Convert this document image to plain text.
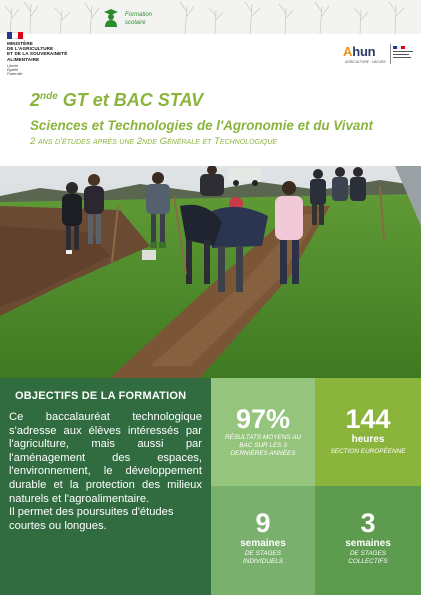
Formation scolaire
MINISTÈRE
DE L'AGRICULTURE
ET DE LA SOUVERAINETÉ
ALIMENTAIRE
Liberté
Égalité
Fraternité
Ahun
AGRICULTURE · NATURE
2nde GT et BAC STAV
Sciences et Technologies de l'Agronomie et du Vivant
2 ans d'études après une 2nde Générale et Technologique
OBJECTIFS DE LA FORMATION

Ce baccalauréat technologique s'adresse aux élèves intéressés par l'agriculture, mais aussi par l'aménagement des espaces, l'environnement, le développement durable et la protection des milieux naturels et l'agroalimentaire.

Il permet des poursuites d'études courtes ou longues.

97%
RÉSULTATS MOYENS AU BAC SUR LES 3 DERNIÈRES ANNÉES
144
heures
SECTION EUROPÉENNE
9
semaines
DE STAGES INDIVIDUELS
3
semaines
DE STAGES COLLECTIFS
